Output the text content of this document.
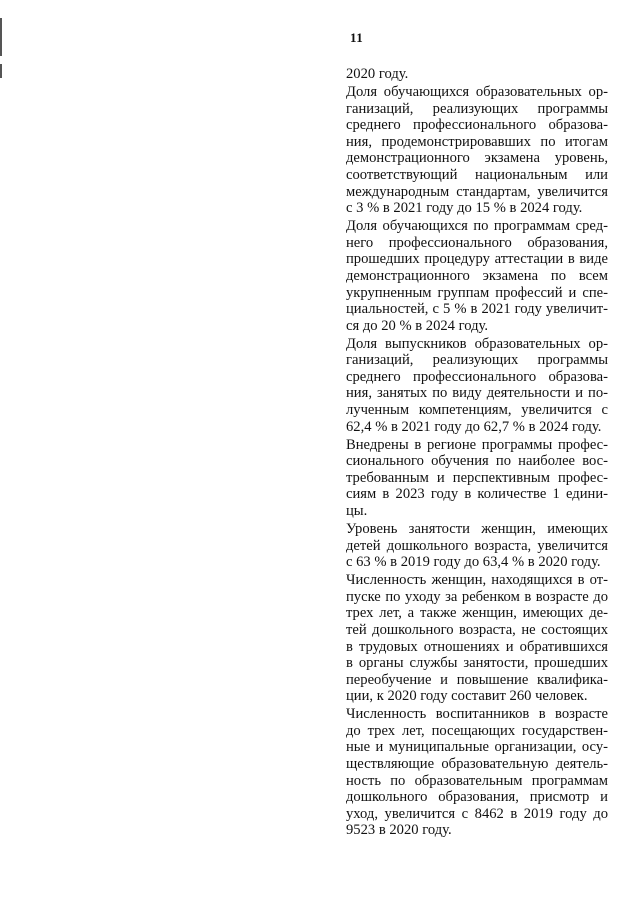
11
2020 году.
Доля обучающихся образовательных ор-
ганизаций, реализующих программы
среднего профессионального образова-
ния, продемонстрировавших по итогам
демонстрационного экзамена уровень,
соответствующий национальным или
международным стандартам, увеличится
с 3 % в 2021 году до 15 % в 2024 году.
Доля обучающихся по программам сред-
него профессионального образования,
прошедших процедуру аттестации в виде
демонстрационного экзамена по всем
укрупненным группам профессий и спе-
циальностей, с 5 % в 2021 году увеличит-
ся до 20 % в 2024 году.
Доля выпускников образовательных ор-
ганизаций, реализующих программы
среднего профессионального образова-
ния, занятых по виду деятельности и по-
лученным компетенциям, увеличится с
62,4 % в 2021 году до 62,7 % в 2024 году.
Внедрены в регионе программы профес-
сионального обучения по наиболее вос-
требованным и перспективным профес-
сиям в 2023 году в количестве 1 едини-
цы.
Уровень занятости женщин, имеющих
детей дошкольного возраста, увеличится
с 63 % в 2019 году до 63,4 % в 2020 году.
Численность женщин, находящихся в от-
пуске по уходу за ребенком в возрасте до
трех лет, а также женщин, имеющих де-
тей дошкольного возраста, не состоящих
в трудовых отношениях и обратившихся
в органы службы занятости, прошедших
переобучение и повышение квалифика-
ции, к 2020 году составит 260 человек.
Численность воспитанников в возрасте
до трех лет, посещающих государствен-
ные и муниципальные организации, осу-
ществляющие образовательную деятель-
ность по образовательным программам
дошкольного образования, присмотр и
уход, увеличится с 8462 в 2019 году до
9523 в 2020 году.
